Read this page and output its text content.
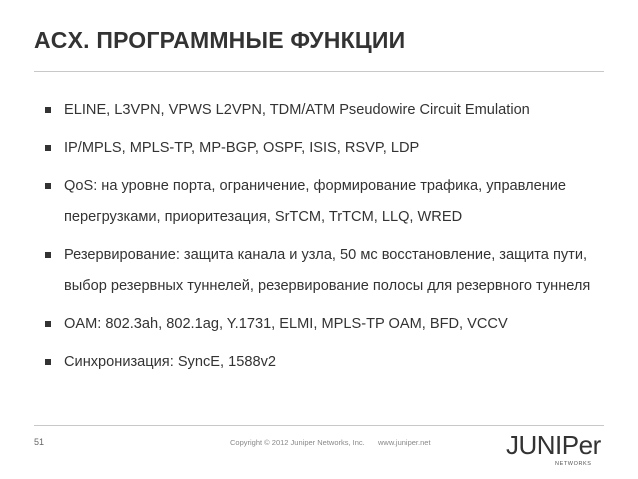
ACX. ПРОГРАММНЫЕ ФУНКЦИИ
ELINE, L3VPN, VPWS L2VPN, TDM/ATM Pseudowire Circuit Emulation
IP/MPLS, MPLS-TP, MP-BGP, OSPF, ISIS, RSVP, LDP
QoS: на уровне порта, ограничение, формирование трафика, управление перегрузками, приоритезация, SrTCM, TrTCM, LLQ, WRED
Резервирование: защита канала и узла, 50 мс восстановление, защита пути, выбор резервных туннелей, резервирование полосы для резервного туннеля
OAM: 802.3ah, 802.1ag, Y.1731, ELMI, MPLS-TP OAM, BFD, VCCV
Синхронизация: SyncE, 1588v2
51	Copyright © 2012 Juniper Networks, Inc. www.juniper.net	JUNIPer
NETWORKS
